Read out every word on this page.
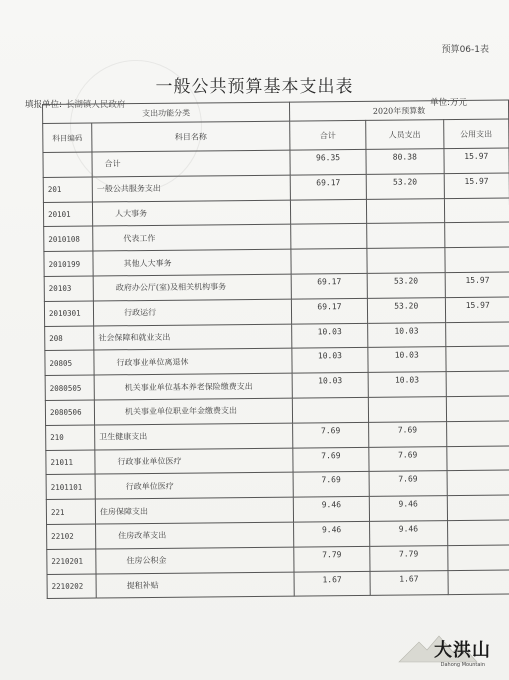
预算06-1表
一般公共预算基本支出表
填报单位: 长湖镇人民政府	单位:万元
支出功能分类		2020年预算数		
科目编码	科目名称	合计	人员支出	公用支出
	合计	96.35	80.38	15.97
201	一般公共服务支出	69.17	53.20	15.97
20101	人大事务			
2010108	代表工作			
2010199	其他人大事务			
20103	政府办公厅(室)及相关机构事务	69.17	53.20	15.97
2010301	行政运行	69.17	53.20	15.97
208	社会保障和就业支出	10.03	10.03	
20805	行政事业单位离退休	10.03	10.03	
2080505	机关事业单位基本养老保险缴费支出	10.03	10.03	
2080506	机关事业单位职业年金缴费支出			
210	卫生健康支出	7.69	7.69	
21011	行政事业单位医疗	7.69	7.69	
2101101	行政单位医疗	7.69	7.69	
221	住房保障支出	9.46	9.46	
22102	住房改革支出	9.46	9.46	
2210201	住房公积金	7.79	7.79	
2210202	提租补贴	1.67	1.67	
大洪山
Dahong Mountain
